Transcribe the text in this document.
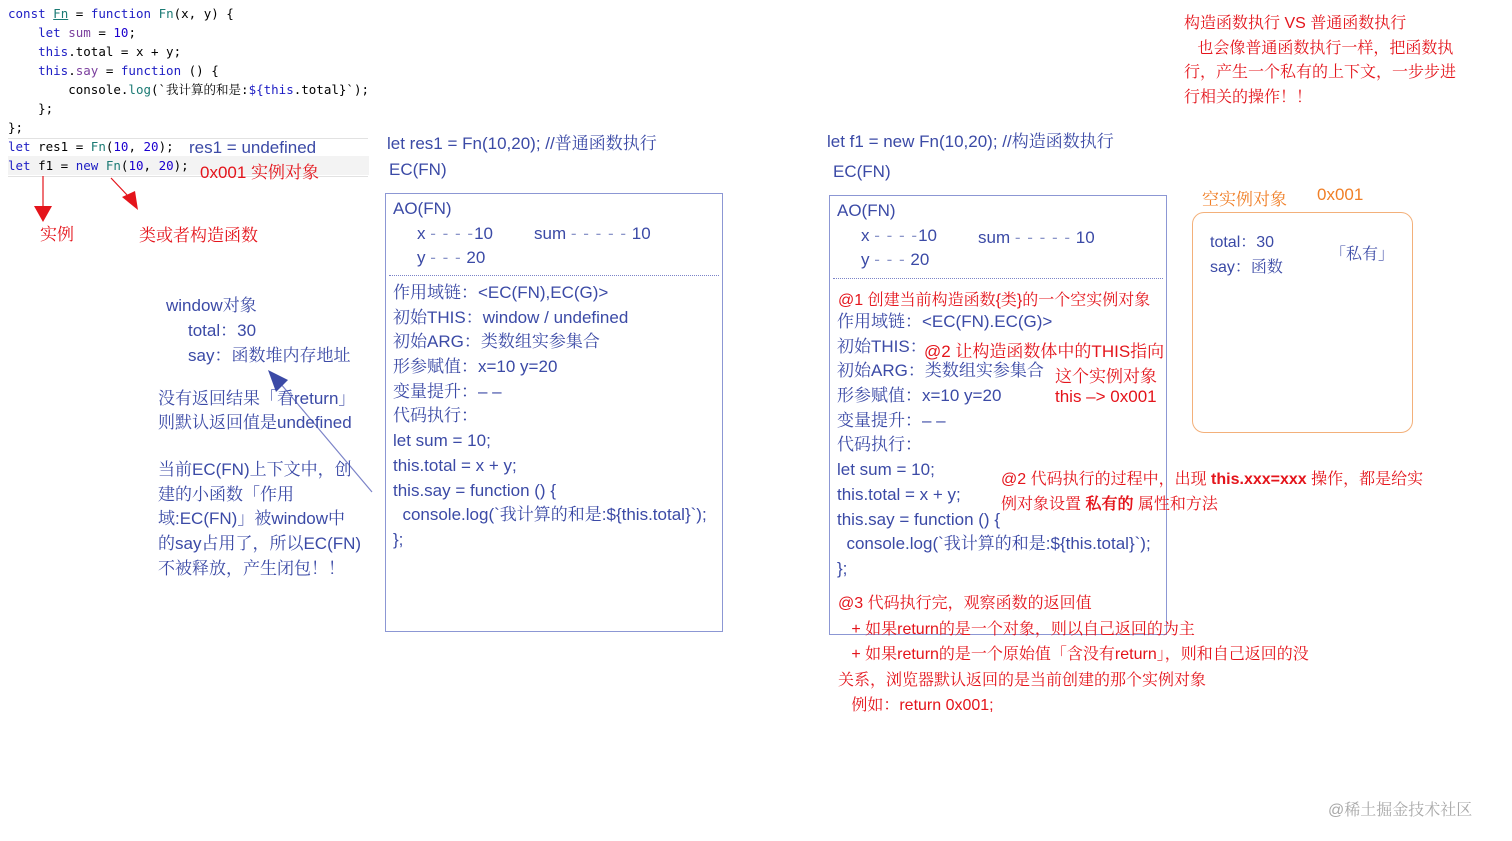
const Fn = function Fn(x, y) {
let sum = 10;
this.total = x + y;
this.say = function () {
console.log(`我计算的和是:${this.total}`);
};
};
let res1 = Fn(10, 20);
let f1 = new Fn(10, 20);
res1 = undefined
0x001 实例对象
实例	类或者构造函数
window对象
total：30
say：函数堆内存地址
没有返回结果「看return」
则默认返回值是undefined
当前EC(FN)上下文中，创
建的小函数「作用
域:EC(FN)」被window中
的say占用了，所以EC(FN)
不被释放，产生闭包！！
let res1 = Fn(10,20); //普通函数执行
EC(FN)
AO(FN)
x - - - -10 sum - - - - - 10
y - - - 20
作用域链：<EC(FN),EC(G)>
初始THIS：window / undefined
初始ARG：类数组实参集合
形参赋值：x=10 y=20
变量提升：– –
代码执行：
let sum = 10;
this.total = x + y;
this.say = function () {
console.log(`我计算的和是:${this.total}`);
};
let f1 = new Fn(10,20); //构造函数执行
EC(FN)
AO(FN)
x - - - -10 sum - - - - - 10
y - - - 20
@1 创建当前构造函数{类}的一个空实例对象
作用域链：<EC(FN).EC(G)>
初始THIS：
初始ARG：类数组实参集合
形参赋值：x=10 y=20
变量提升：– –
代码执行：
let sum = 10;
this.total = x + y;
this.say = function () {
console.log(`我计算的和是:${this.total}`);
};
@2 让构造函数体中的THIS指向
这个实例对象
this –> 0x001
@2 代码执行的过程中，出现 this.xxx=xxx 操作，都是给实
例对象设置 私有的 属性和方法
@3 代码执行完，观察函数的返回值
+ 如果return的是一个对象，则以自己返回的为主
+ 如果return的是一个原始值「含没有return」，则和自己返回的没
关系，浏览器默认返回的是当前创建的那个实例对象
例如：return 0x001;
空实例对象 0x001
total：30
say：函数
「私有」
构造函数执行 VS 普通函数执行
也会像普通函数执行一样，把函数执
行，产生一个私有的上下文，一步步进
行相关的操作！！
@稀土掘金技术社区
